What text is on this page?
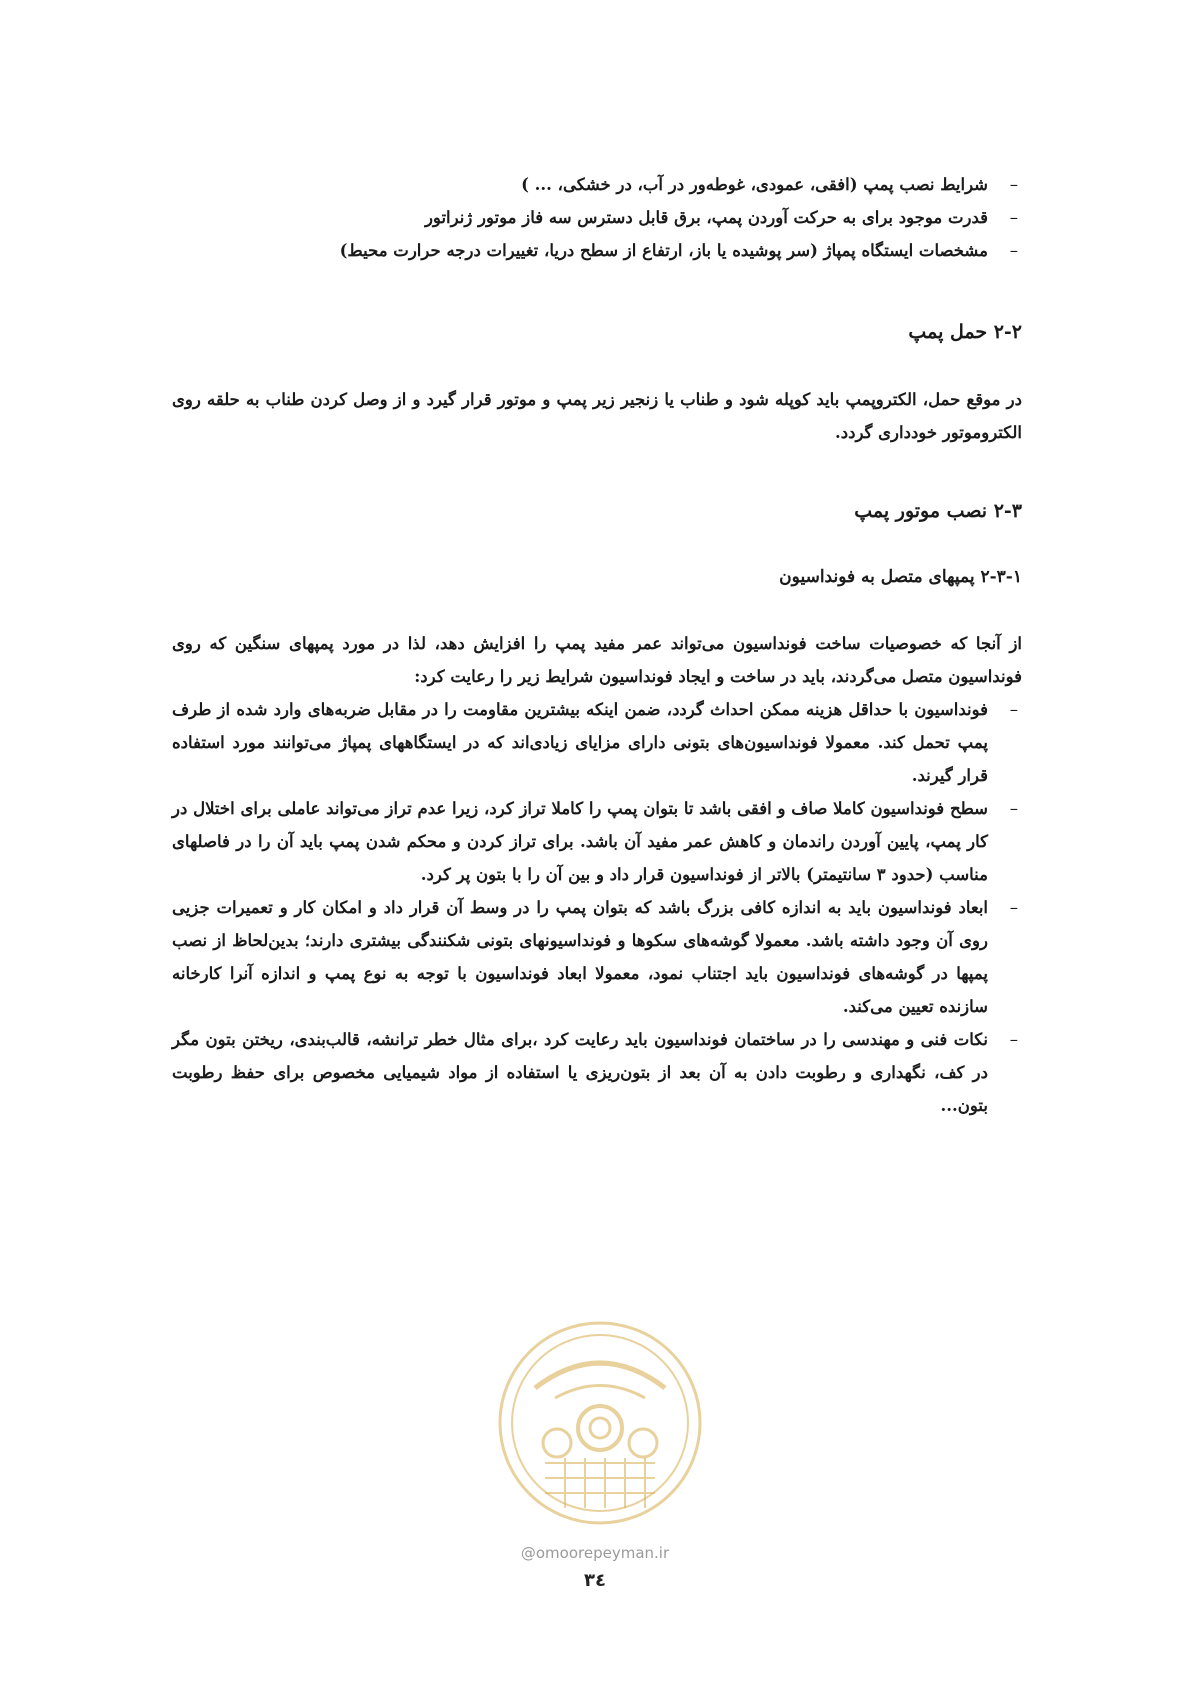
– شرایط نصب پمپ (افقی، عمودی، غوطه‌ور در آب، در خشکی، ... )
– قدرت موجود برای به حرکت آوردن پمپ، برق قابل دسترس سه فاز موتور ژنراتور
– مشخصات ایستگاه پمپاژ (سر پوشیده یا باز، ارتفاع از سطح دریا، تغییرات درجه حرارت محیط)
۲-۲ حمل پمپ

در موقع حمل، الکتروپمپ باید کوپله شود و طناب یا زنجیر زیر پمپ و موتور قرار گیرد و از وصل کردن طناب به حلقه روی الکتروموتور خودداری گردد.

۲-۳ نصب موتور پمپ
۲-۳-۱ پمپهای متصل به فونداسیون

از آنجا که خصوصیات ساخت فونداسیون می‌تواند عمر مفید پمپ را افزایش دهد، لذا در مورد پمپهای سنگین که روی فونداسیون متصل می‌گردند، باید در ساخت و ایجاد فونداسیون شرایط زیر را رعایت کرد:

– فونداسیون با حداقل هزینه ممکن احداث گردد، ضمن اینکه بیشترین مقاومت را در مقابل ضربه‌های وارد شده از طرف پمپ تحمل کند. معمولا فونداسیون‌های بتونی دارای مزایای زیادی‌اند که در ایستگاههای پمپاژ می‌توانند مورد استفاده قرار گیرند.
– سطح فونداسیون کاملا صاف و افقی باشد تا بتوان پمپ را کاملا تراز کرد، زیرا عدم تراز می‌تواند عاملی برای اختلال در کار پمپ، پایین آوردن راندمان و کاهش عمر مفید آن باشد. برای تراز کردن و محکم شدن پمپ باید آن را در فاصلهای مناسب (حدود ۳ سانتیمتر) بالاتر از فونداسیون قرار داد و بین آن را با بتون پر کرد.
– ابعاد فونداسیون باید به اندازه کافی بزرگ باشد که بتوان پمپ را در وسط آن قرار داد و امکان کار و تعمیرات جزیی روی آن وجود داشته باشد. معمولا گوشه‌های سکوها و فونداسیونهای بتونی شکنندگی بیشتری دارند؛ بدین‌لحاظ از نصب پمپها در گوشه‌های فونداسیون باید اجتناب نمود، معمولا ابعاد فونداسیون با توجه به نوع پمپ و اندازه آنرا کارخانه سازنده تعیین می‌کند.
– نکات فنی و مهندسی را در ساختمان فونداسیون باید رعایت کرد ،برای مثال خطر ترانشه، قالب‌بندی، ریختن بتون مگر در کف، نگهداری و رطوبت دادن به آن بعد از بتون‌ریزی یا استفاده از مواد شیمیایی مخصوص برای حفظ رطوبت بتون...
@omoorepeyman.ir
۳٤
